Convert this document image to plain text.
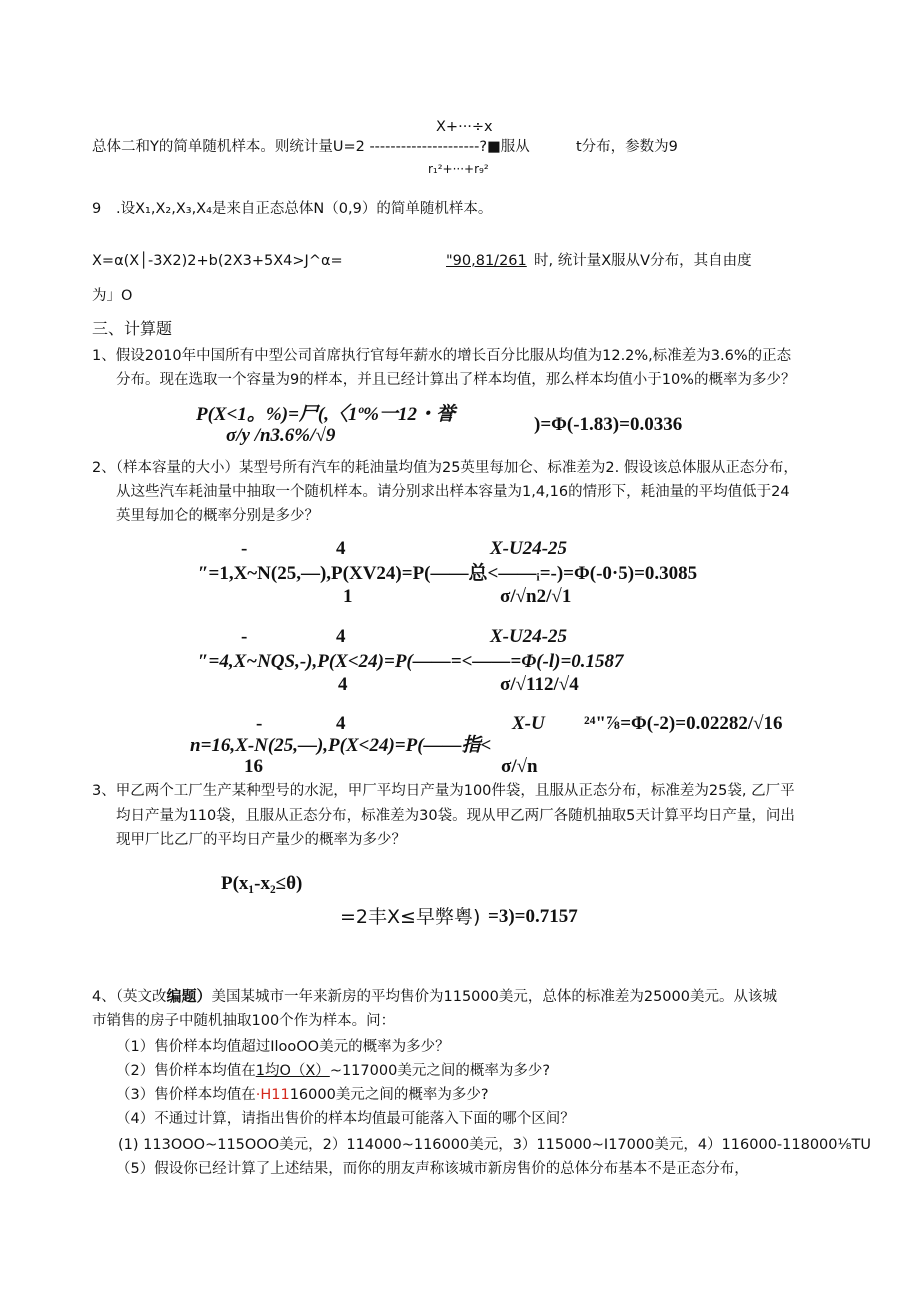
X+···÷x
总体二和Y的简单随机样本。则统计量U=2 ---------------------?■服从	t分布，参数为9
r₁²+···+r₉²
9 .设X₁,X₂,X₃,X₄是来自正态总体N（0,9）的简单随机样本。
X=α(X│-3X2)2+b(2X3+5X4>J^α=	"90,81/261 时, 统计量X服从V分布，其自由度
为」O
三、计算题
1、假设2010年中国所有中型公司首席执行官每年薪水的增长百分比服从均值为12.2%,标准差为3.6%的正态
分布。现在选取一个容量为9的样本，并且已经计算出了样本均值，那么样本均值小于10%的概率为多少？
P(X<1。%)=尸(,〈1º%一12・誉
σ/y /n3.6%/√9
)=Φ(-1.83)=0.0336
2、（样本容量的大小）某型号所有汽车的耗油量均值为25英里每加仑、标准差为2. 假设该总体服从正态分布，
从这些汽车耗油量中抽取一个随机样本。请分别求出样本容量为1,4,16的情形下，耗油量的平均值低于24
英里每加仑的概率分别是多少？
-	4	X-U24-25
″=1,X~N(25,—),P(XV24)=P(——总<——ᵢ=-)=Φ(-0·5)=0.3085
1	σ/√n2/√1
-	4	X-U24-25
″=4,X~NQS,-),P(X<24)=P(——=<——=Φ(-l)=0.1587
4	σ/√112/√4
-	4	X-U ²⁴"⅞=Φ(-2)=0.02282/√16
n=16,X-N(25,—),P(X<24)=P(——指<
16	σ/√n
3、甲乙两个工厂生产某种型号的水泥，甲厂平均日产量为100件袋，且服从正态分布，标准差为25袋, 乙厂平
均日产量为110袋，且服从正态分布，标准差为30袋。现从甲乙两厂各随机抽取5天计算平均日产量，问出
现甲厂比乙厂的平均日产量少的概率为多少？
P(x₁-x₂≤θ)
=2丰X≤早弊粤) =3)=0.7157
4、（英文改编题）美国某城市一年来新房的平均售价为115000美元，总体的标准差为25000美元。从该城
市销售的房子中随机抽取100个作为样本。问：
（1）售价样本均值超过IlooOO美元的概率为多少？
（2）售价样本均值在1均O（X）~117000美元之间的概率为多少?
（3）售价样本均值在·H1116000美元之间的概率为多少?
（4）不通过计算，请指出售价的样本均值最可能落入下面的哪个区间？
(1) 113OOO~115OOO美元，2）114000~116000美元，3）115000~I17000美元，4）116000-118000⅛TU
（5）假设你已经计算了上述结果，而你的朋友声称该城市新房售价的总体分布基本不是正态分布，
